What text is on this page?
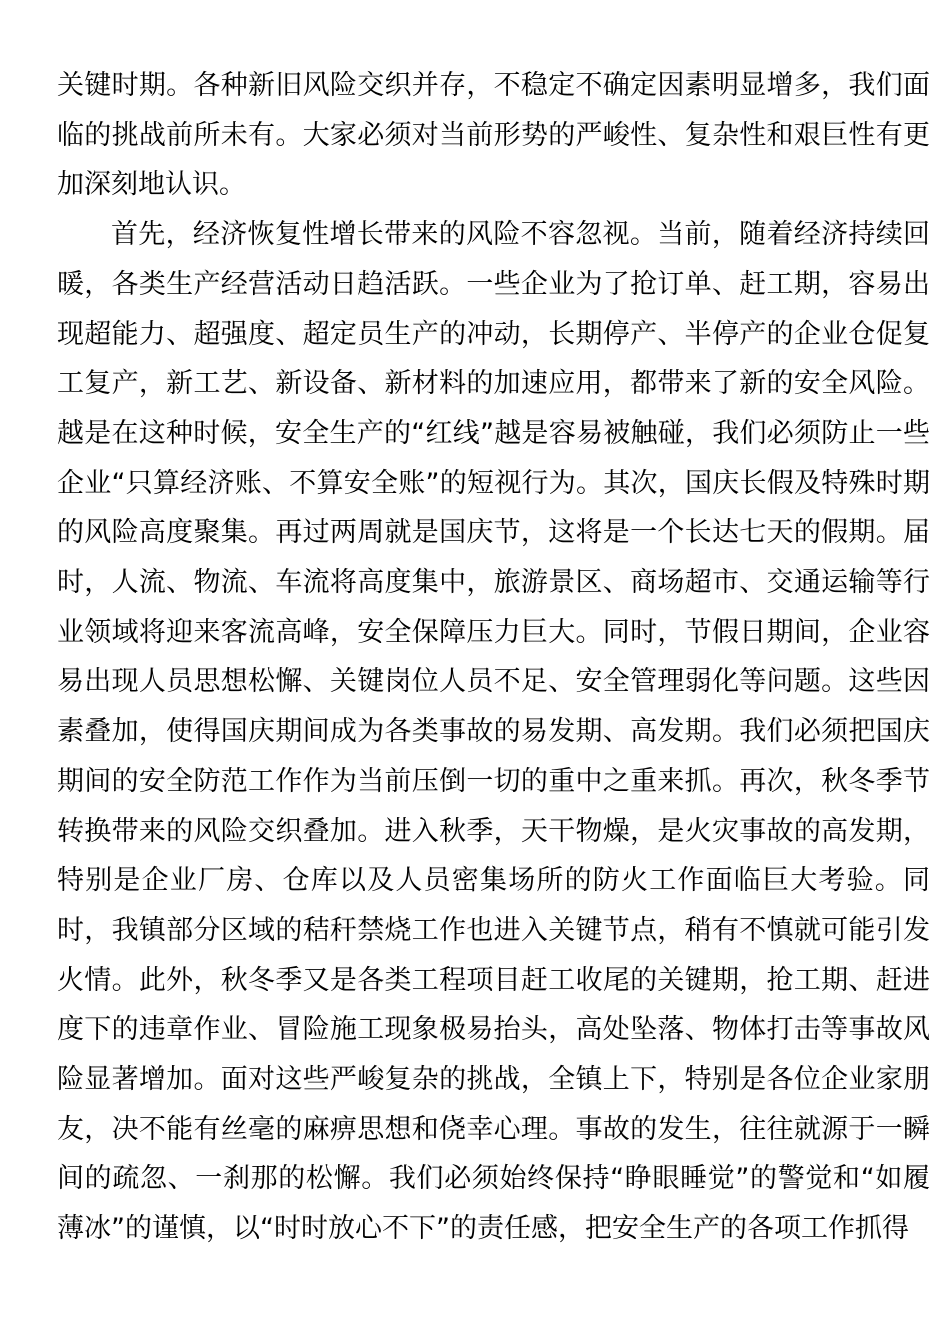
关键时期。各种新旧风险交织并存，不稳定不确定因素明显增多，我们面临的挑战前所未有。大家必须对当前形势的严峻性、复杂性和艰巨性有更加深刻地认识。

首先，经济恢复性增长带来的风险不容忽视。当前，随着经济持续回暖，各类生产经营活动日趋活跃。一些企业为了抢订单、赶工期，容易出现超能力、超强度、超定员生产的冲动，长期停产、半停产的企业仓促复工复产，新工艺、新设备、新材料的加速应用，都带来了新的安全风险。越是在这种时候，安全生产的“红线”越是容易被触碰，我们必须防止一些企业“只算经济账、不算安全账”的短视行为。其次，国庆长假及特殊时期的风险高度聚集。再过两周就是国庆节，这将是一个长达七天的假期。届时，人流、物流、车流将高度集中，旅游景区、商场超市、交通运输等行业领域将迎来客流高峰，安全保障压力巨大。同时，节假日期间，企业容易出现人员思想松懈、关键岗位人员不足、安全管理弱化等问题。这些因素叠加，使得国庆期间成为各类事故的易发期、高发期。我们必须把国庆期间的安全防范工作作为当前压倒一切的重中之重来抓。再次，秋冬季节转换带来的风险交织叠加。进入秋季，天干物燥，是火灾事故的高发期，特别是企业厂房、仓库以及人员密集场所的防火工作面临巨大考验。同时，我镇部分区域的秸秆禁烧工作也进入关键节点，稍有不慎就可能引发火情。此外，秋冬季又是各类工程项目赶工收尾的关键期，抢工期、赶进度下的违章作业、冒险施工现象极易抬头，高处坠落、物体打击等事故风险显著增加。面对这些严峻复杂的挑战，全镇上下，特别是各位企业家朋友，决不能有丝毫的麻痹思想和侥幸心理。事故的发生，往往就源于一瞬间的疏忽、一刹那的松懈。我们必须始终保持“睁眼睡觉”的警觉和“如履薄冰”的谨慎，以“时时放心不下”的责任感，把安全生产的各项工作抓得
